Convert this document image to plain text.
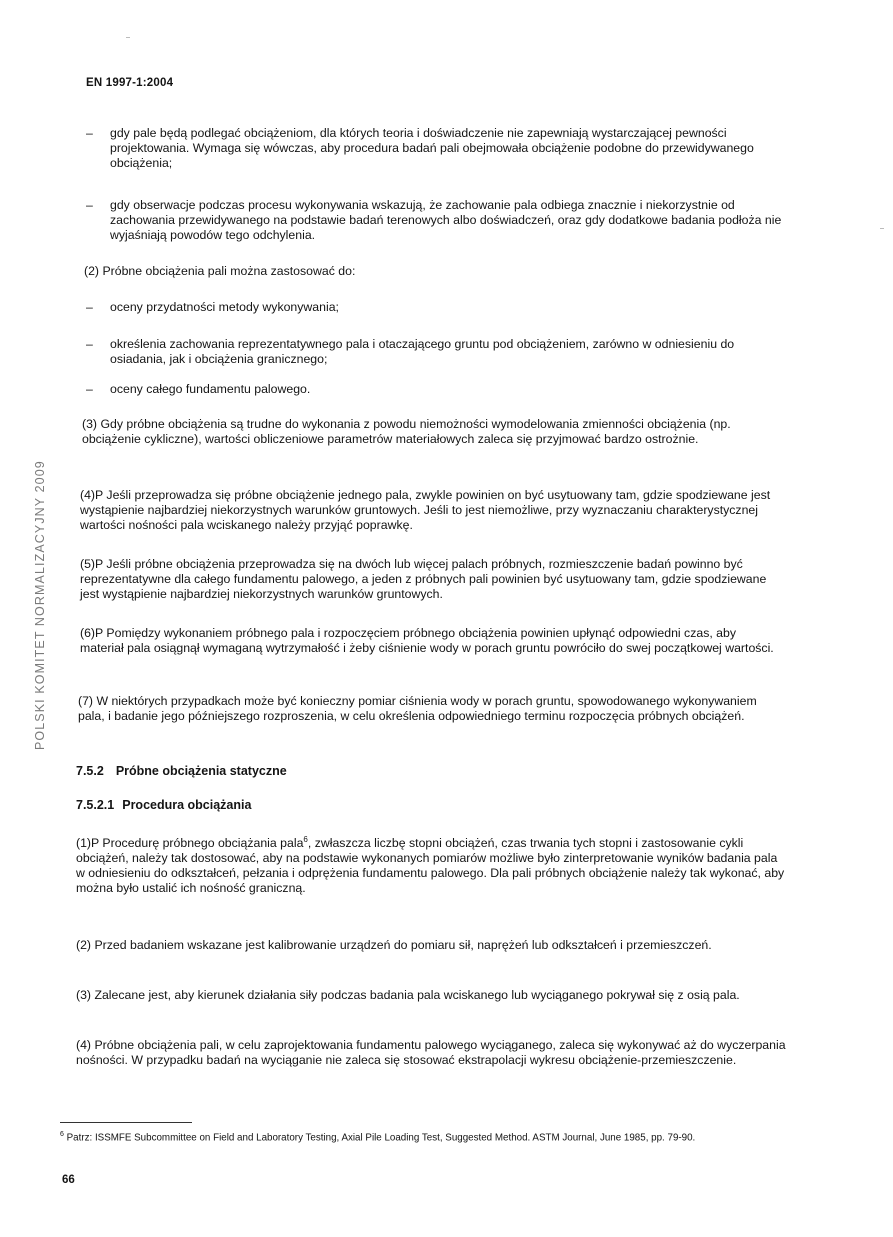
EN 1997-1:2004
POLSKI KOMITET NORMALIZACYJNY 2009
– gdy pale będą podlegać obciążeniom, dla których teoria i doświadczenie nie zapewniają wystarczającej pewności projektowania. Wymaga się wówczas, aby procedura badań pali obejmowała obciążenie podobne do przewidywanego obciążenia;
– gdy obserwacje podczas procesu wykonywania wskazują, że zachowanie pala odbiega znacznie i niekorzystnie od zachowania przewidywanego na podstawie badań terenowych albo doświadczeń, oraz gdy dodatkowe badania podłoża nie wyjaśniają powodów tego odchylenia.

(2) Próbne obciążenia pali można zastosować do:

– oceny przydatności metody wykonywania;
– określenia zachowania reprezentatywnego pala i otaczającego gruntu pod obciążeniem, zarówno w odniesieniu do osiadania, jak i obciążenia granicznego;
– oceny całego fundamentu palowego.

(3) Gdy próbne obciążenia są trudne do wykonania z powodu niemożności wymodelowania zmienności obciążenia (np. obciążenie cykliczne), wartości obliczeniowe parametrów materiałowych zaleca się przyjmować bardzo ostrożnie.

(4)P Jeśli przeprowadza się próbne obciążenie jednego pala, zwykle powinien on być usytuowany tam, gdzie spodziewane jest wystąpienie najbardziej niekorzystnych warunków gruntowych. Jeśli to jest niemożliwe, przy wyznaczaniu charakterystycznej wartości nośności pala wciskanego należy przyjąć poprawkę.

(5)P Jeśli próbne obciążenia przeprowadza się na dwóch lub więcej palach próbnych, rozmieszczenie badań powinno być reprezentatywne dla całego fundamentu palowego, a jeden z próbnych pali powinien być usytuowany tam, gdzie spodziewane jest wystąpienie najbardziej niekorzystnych warunków gruntowych.

(6)P Pomiędzy wykonaniem próbnego pala i rozpoczęciem próbnego obciążenia powinien upłynąć odpowiedni czas, aby materiał pala osiągnął wymaganą wytrzymałość i żeby ciśnienie wody w porach gruntu powróciło do swej początkowej wartości.

(7) W niektórych przypadkach może być konieczny pomiar ciśnienia wody w porach gruntu, spowodowanego wykonywaniem pala, i badanie jego późniejszego rozproszenia, w celu określenia odpowiedniego terminu rozpoczęcia próbnych obciążeń.

7.5.2 Próbne obciążenia statyczne
7.5.2.1 Procedura obciążania

(1)P Procedurę próbnego obciążania pala$^6$, zwłaszcza liczbę stopni obciążeń, czas trwania tych stopni i zastosowanie cykli obciążeń, należy tak dostosować, aby na podstawie wykonanych pomiarów możliwe było zinterpretowanie wyników badania pala w odniesieniu do odkształceń, pełzania i odprężenia fundamentu palowego. Dla pali próbnych obciążenie należy tak wykonać, aby można było ustalić ich nośność graniczną.

(2) Przed badaniem wskazane jest kalibrowanie urządzeń do pomiaru sił, naprężeń lub odkształceń i przemieszczeń.

(3) Zalecane jest, aby kierunek działania siły podczas badania pala wciskanego lub wyciąganego pokrywał się z osią pala.

(4) Próbne obciążenia pali, w celu zaprojektowania fundamentu palowego wyciąganego, zaleca się wykonywać aż do wyczerpania nośności. W przypadku badań na wyciąganie nie zaleca się stosować ekstrapolacji wykresu obciążenie-przemieszczenie.

$^6$ Patrz: ISSMFE Subcommittee on Field and Laboratory Testing, Axial Pile Loading Test, Suggested Method. ASTM Journal, June 1985, pp. 79-90.
66
